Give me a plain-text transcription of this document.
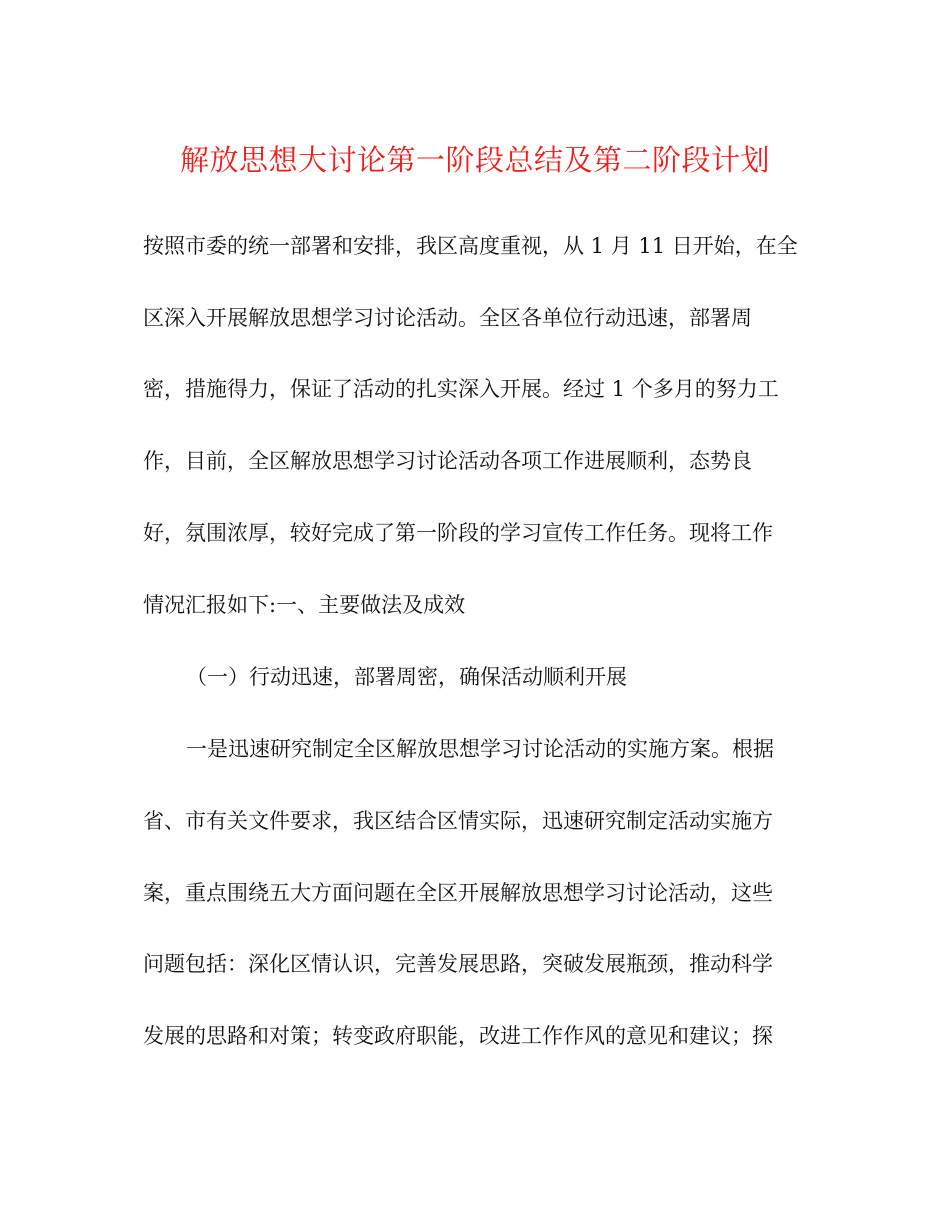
解放思想大讨论第一阶段总结及第二阶段计划
按照市委的统一部署和安排，我区高度重视，从 1 月 11 日开始，在全
区深入开展解放思想学习讨论活动。全区各单位行动迅速，部署周
密，措施得力，保证了活动的扎实深入开展。经过 1 个多月的努力工
作，目前，全区解放思想学习讨论活动各项工作进展顺利，态势良
好，氛围浓厚，较好完成了第一阶段的学习宣传工作任务。现将工作
情况汇报如下:一、主要做法及成效
（一）行动迅速，部署周密，确保活动顺利开展
一是迅速研究制定全区解放思想学习讨论活动的实施方案。根据
省、市有关文件要求，我区结合区情实际，迅速研究制定活动实施方
案，重点围绕五大方面问题在全区开展解放思想学习讨论活动，这些
问题包括：深化区情认识，完善发展思路，突破发展瓶颈，推动科学
发展的思路和对策；转变政府职能，改进工作作风的意见和建议；探
